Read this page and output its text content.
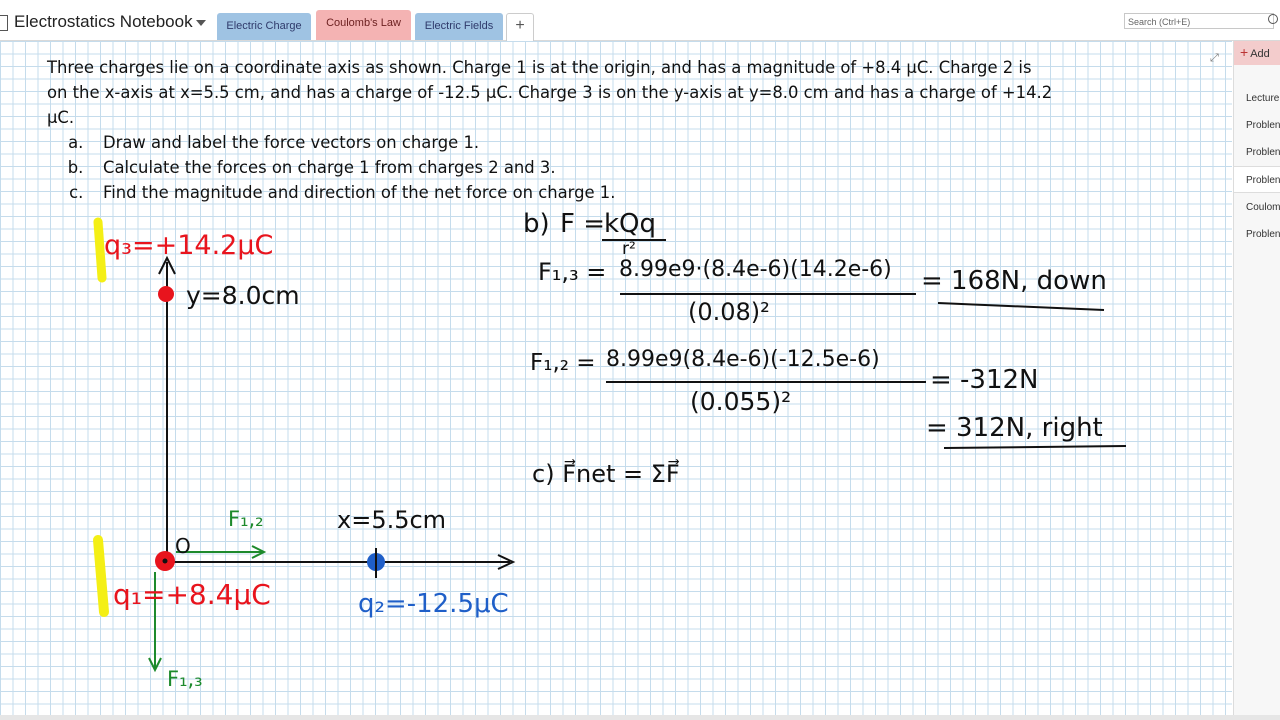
Electrostatics Notebook	Electric Charge	Coulomb's Law	Electric Fields	+	Search (Ctrl+E)
⤢

Three charges lie on a coordinate axis as shown. Charge 1 is at the origin, and has a magnitude of +8.4 μC. Charge 2 is on the x-axis at x=5.5 cm, and has a charge of -12.5 μC. Charge 3 is on the y-axis at y=8.0 cm and has a charge of +14.2 μC.

a. Draw and label the force vectors on charge 1.
b. Calculate the forces on charge 1 from charges 2 and 3.
c. Find the magnitude and direction of the net force on charge 1.
q₃=+14.2μC
y=8.0cm
x=5.5cm
O
q₁=+8.4μC	q₂=-12.5μC
F₁,₂
F₁,₃
b) F =
kQq
r²
F₁,₃ = 8.99e9·(8.4e-6)(14.2e-6)
(0.08)²
= 168N, down
F₁,₂ = 8.99e9(8.4e-6)(-12.5e-6)
(0.055)²
= -312N
= 312N, right
c) F⃗net = ΣF⃗
+ Add
Lecture
Problen
Problen
Problen
Coulom
Problen
